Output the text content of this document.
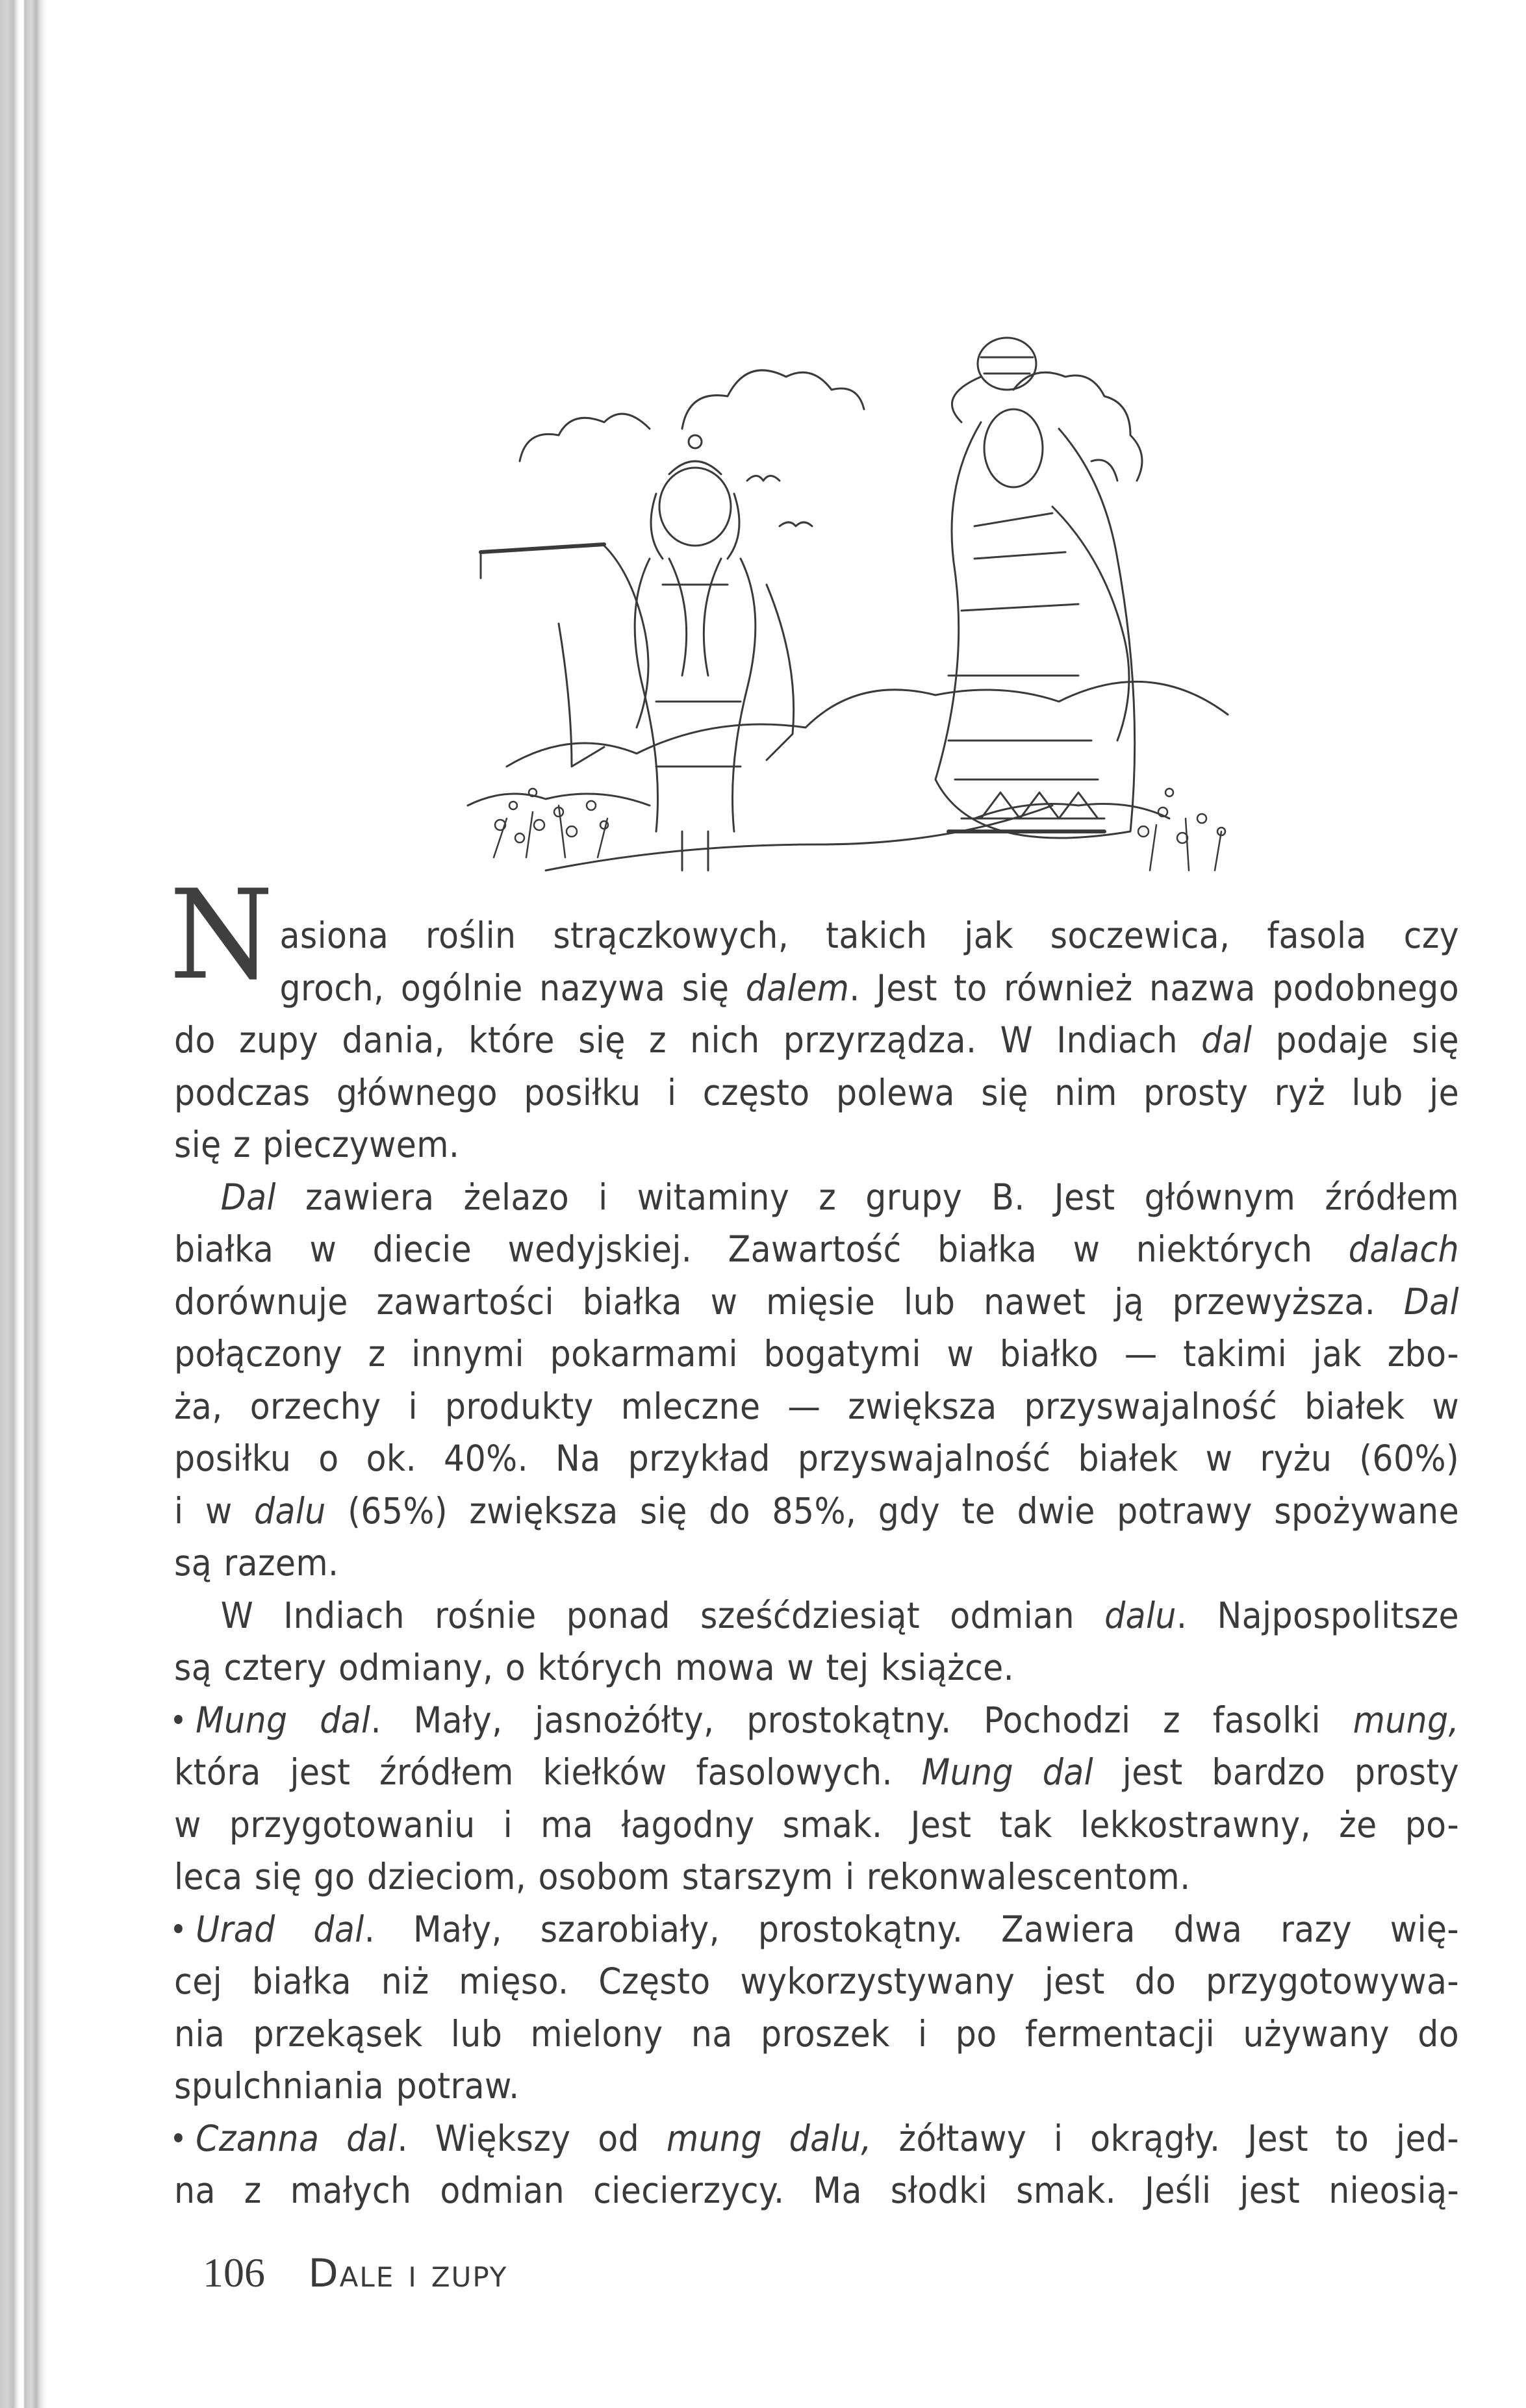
N asiona roślin strączkowych, takich jak soczewica, fasola czy
groch, ogólnie nazywa się dalem. Jest to również nazwa podobnego
do zupy dania, które się z nich przyrządza. W Indiach dal podaje się
podczas głównego posiłku i często polewa się nim prosty ryż lub je
się z pieczywem.
Dal zawiera żelazo i witaminy z grupy B. Jest głównym źródłem
białka w diecie wedyjskiej. Zawartość białka w niektórych dalach
dorównuje zawartości białka w mięsie lub nawet ją przewyższa. Dal
połączony z innymi pokarmami bogatymi w białko — takimi jak zbo-
ża, orzechy i produkty mleczne — zwiększa przyswajalność białek w
posiłku o ok. 40%. Na przykład przyswajalność białek w ryżu (60%)
i w dalu (65%) zwiększa się do 85%, gdy te dwie potrawy spożywane
są razem.
W Indiach rośnie ponad sześćdziesiąt odmian dalu. Najpospolitsze
są cztery odmiany, o których mowa w tej książce.
Mung dal. Mały, jasnożółty, prostokątny. Pochodzi z fasolki mung,
która jest źródłem kiełków fasolowych. Mung dal jest bardzo prosty
w przygotowaniu i ma łagodny smak. Jest tak lekkostrawny, że po-
leca się go dzieciom, osobom starszym i rekonwalescentom.
Urad dal. Mały, szarobiały, prostokątny. Zawiera dwa razy wię-
cej białka niż mięso. Często wykorzystywany jest do przygotowywa-
nia przekąsek lub mielony na proszek i po fermentacji używany do
spulchniania potraw.
Czanna dal. Większy od mung dalu, żółtawy i okrągły. Jest to jed-
na z małych odmian ciecierzycy. Ma słodki smak. Jeśli jest nieosią-
106 Dale i zupy
